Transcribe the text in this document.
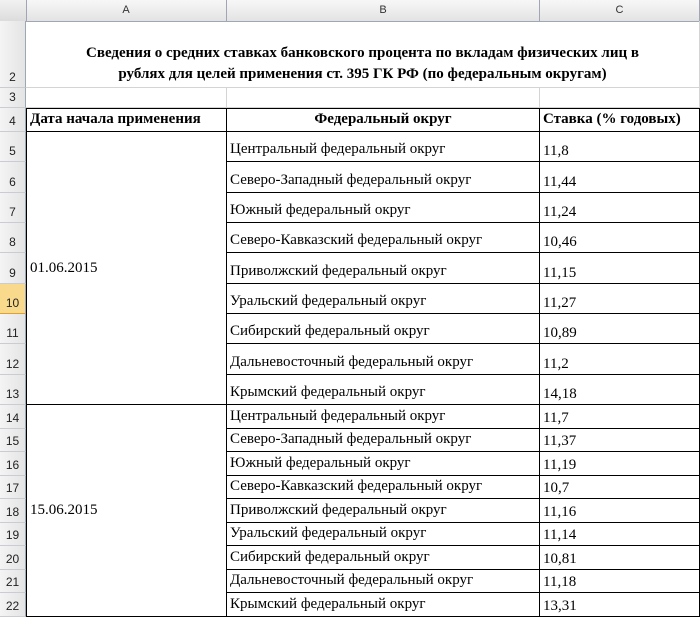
A	B	C
2
3
4
5
6
7
8
9
10
11
12
13
14
15
16
17
18
19
20
21
22
Сведения о средних ставках банковского процента по вкладам физических лиц в
рублях для целей применения ст. 395 ГК РФ (по федеральным округам)
Дата начала применения	Федеральный округ	Ставка (% годовых)
01.06.2015
Центральный федеральный округ	11,8
Северо-Западный федеральный округ	11,44
Южный федеральный округ	11,24
Северо-Кавказский федеральный округ	10,46
Приволжский федеральный округ	11,15
Уральский федеральный округ	11,27
Сибирский федеральный округ	10,89
Дальневосточный федеральный округ	11,2
Крымский федеральный округ	14,18
15.06.2015
Центральный федеральный округ	11,7
Северо-Западный федеральный округ	11,37
Южный федеральный округ	11,19
Северо-Кавказский федеральный округ	10,7
Приволжский федеральный округ	11,16
Уральский федеральный округ	11,14
Сибирский федеральный округ	10,81
Дальневосточный федеральный округ	11,18
Крымский федеральный округ	13,31
